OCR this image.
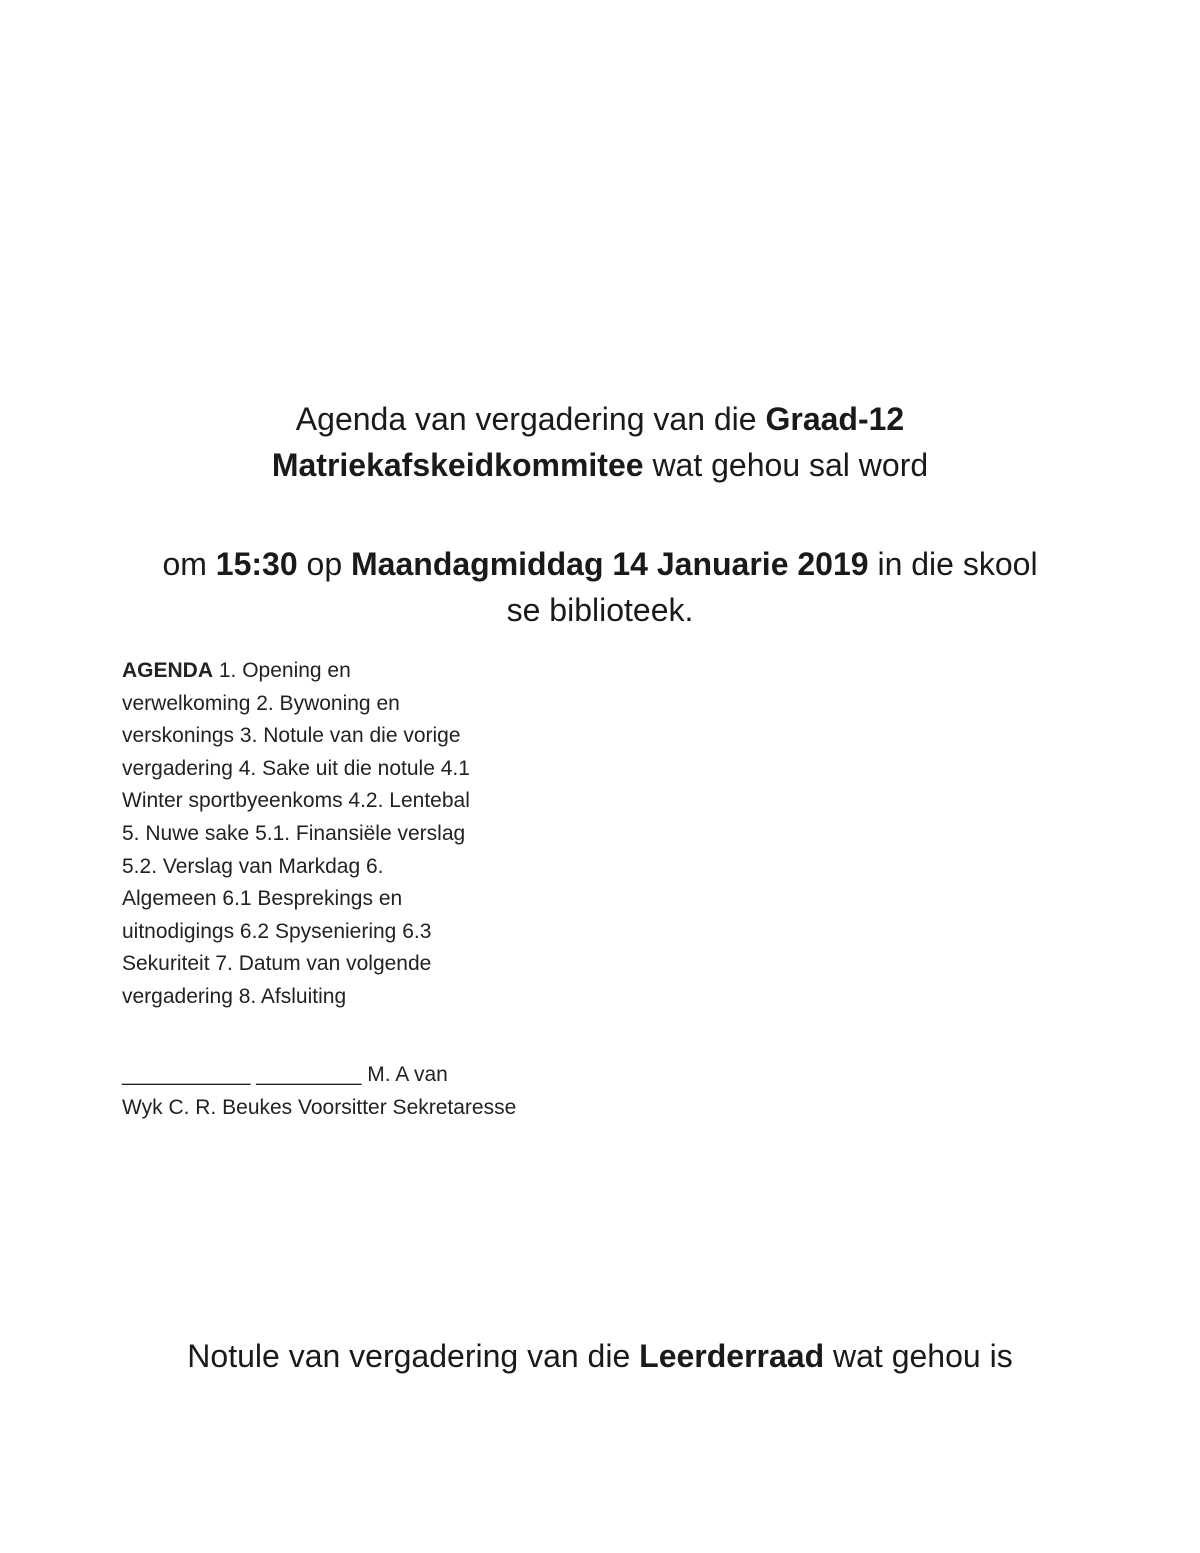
Agenda van vergadering van die Graad-12
Matriekafskeidkommitee wat gehou sal word
om 15:30 op Maandagmiddag 14 Januarie 2019 in die skool
se biblioteek.
AGENDA 1. Opening en
verwelkoming 2. Bywoning en
verskonings 3. Notule van die vorige
vergadering 4. Sake uit die notule 4.1
Winter sportbyeenkoms 4.2. Lentebal
5. Nuwe sake 5.1. Finansiële verslag
5.2. Verslag van Markdag 6.
Algemeen 6.1 Besprekings en
uitnodigings 6.2 Spyseniering 6.3
Sekuriteit 7. Datum van volgende
vergadering 8. Afsluiting
___________ _________ M. A van
Wyk C. R. Beukes Voorsitter Sekretaresse
Notule van vergadering van die Leerderraad wat gehou is
